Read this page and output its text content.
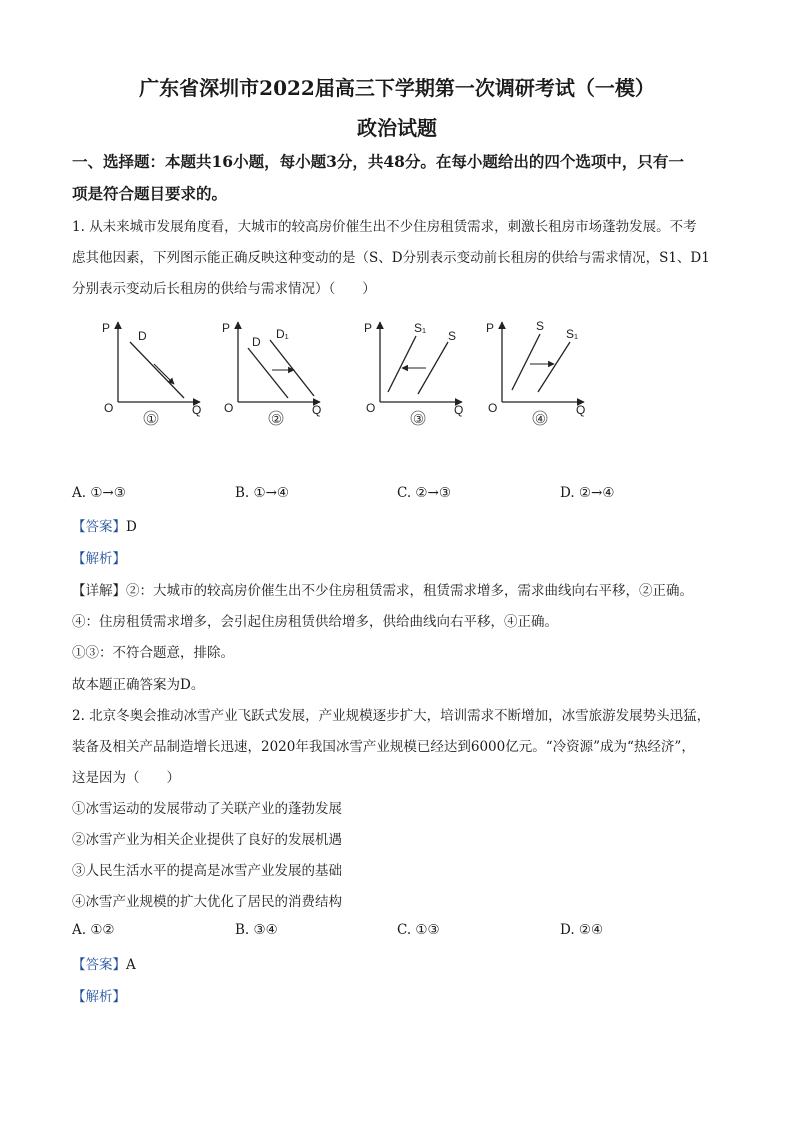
广东省深圳市2022届高三下学期第一次调研考试（一模）
政治试题
一、选择题：本题共16小题，每小题3分，共48分。在每小题给出的四个选项中，只有一
项是符合题目要求的。
1. 从未来城市发展角度看，大城市的较高房价催生出不少住房租赁需求，刺激长租房市场蓬勃发展。不考
虑其他因素，下列图示能正确反映这种变动的是（S、D分别表示变动前长租房的供给与需求情况，S1、D1
分别表示变动后长租房的供给与需求情况）（　　）
P
O	Q
D
①
P
O	Q
D
D₁
②
P
O	Q
S₁
S
③
P
O	Q
S
S₁
④
A. ①→③	B. ①→④	C. ②→③	D. ②→④
【答案】D
【解析】
【详解】②：大城市的较高房价催生出不少住房租赁需求，租赁需求增多，需求曲线向右平移，②正确。
④：住房租赁需求增多，会引起住房租赁供给增多，供给曲线向右平移，④正确。
①③：不符合题意，排除。
故本题正确答案为D。
2. 北京冬奥会推动冰雪产业飞跃式发展，产业规模逐步扩大，培训需求不断增加，冰雪旅游发展势头迅猛，
装备及相关产品制造增长迅速，2020年我国冰雪产业规模已经达到6000亿元。“冷资源”成为“热经济”，
这是因为（　　）
①冰雪运动的发展带动了关联产业的蓬勃发展
②冰雪产业为相关企业提供了良好的发展机遇
③人民生活水平的提高是冰雪产业发展的基础
④冰雪产业规模的扩大优化了居民的消费结构
A. ①②	B. ③④	C. ①③	D. ②④
【答案】A
【解析】
